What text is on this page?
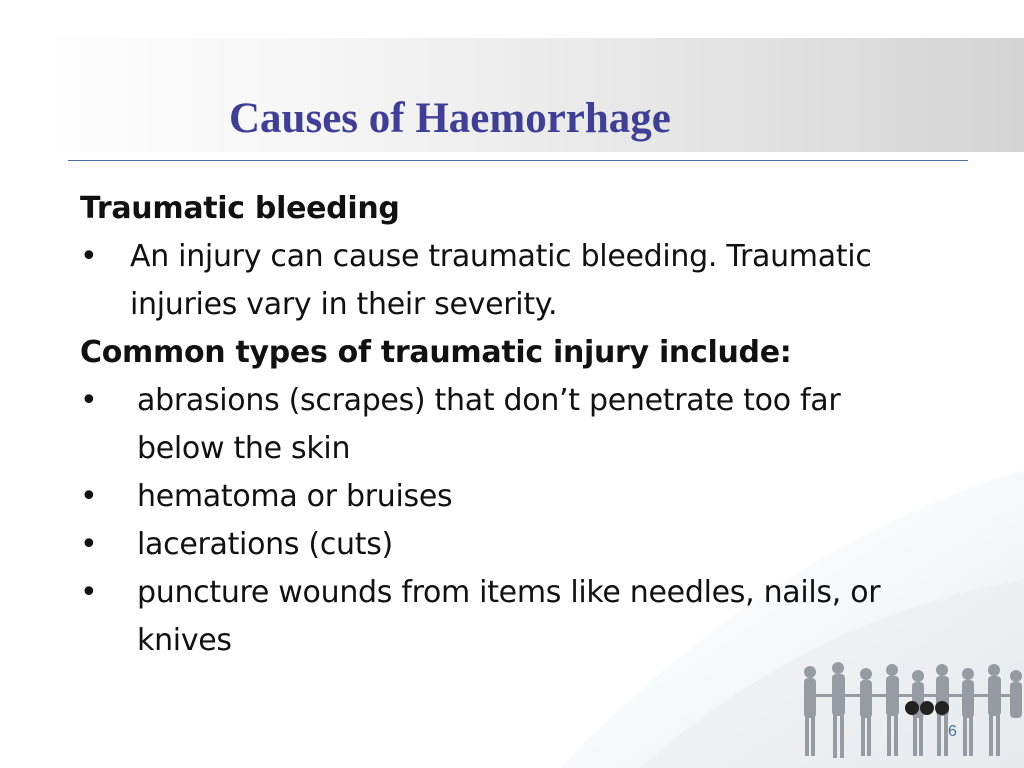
Causes of Haemorrhage
Traumatic bleeding
•	An injury can cause traumatic bleeding. Traumatic injuries vary in their severity.
Common types of traumatic injury include:
•	abrasions (scrapes) that don’t penetrate too far below the skin
•	hematoma or bruises
•	lacerations (cuts)
•	puncture wounds from items like needles, nails, or knives
6
